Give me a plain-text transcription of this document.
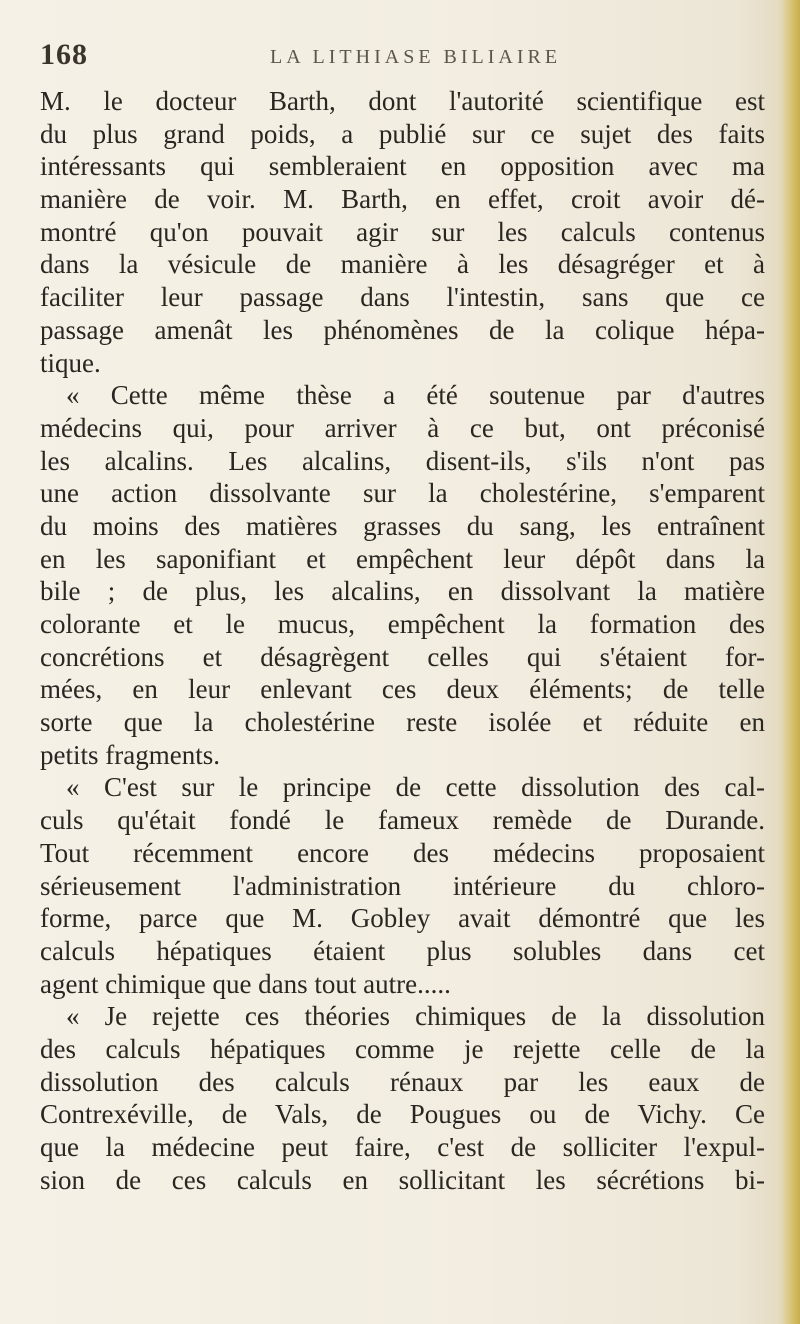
168	LA LITHIASE BILIAIRE
M. le docteur Barth, dont l'autorité scientifique est
du plus grand poids, a publié sur ce sujet des faits
intéressants qui sembleraient en opposition avec ma
manière de voir. M. Barth, en effet, croit avoir dé-
montré qu'on pouvait agir sur les calculs contenus
dans la vésicule de manière à les désagréger et à
faciliter leur passage dans l'intestin, sans que ce
passage amenât les phénomènes de la colique hépa-
tique.
« Cette même thèse a été soutenue par d'autres
médecins qui, pour arriver à ce but, ont préconisé
les alcalins. Les alcalins, disent-ils, s'ils n'ont pas
une action dissolvante sur la cholestérine, s'emparent
du moins des matières grasses du sang, les entraînent
en les saponifiant et empêchent leur dépôt dans la
bile ; de plus, les alcalins, en dissolvant la matière
colorante et le mucus, empêchent la formation des
concrétions et désagrègent celles qui s'étaient for-
mées, en leur enlevant ces deux éléments; de telle
sorte que la cholestérine reste isolée et réduite en
petits fragments.
« C'est sur le principe de cette dissolution des cal-
culs qu'était fondé le fameux remède de Durande.
Tout récemment encore des médecins proposaient
sérieusement l'administration intérieure du chloro-
forme, parce que M. Gobley avait démontré que les
calculs hépatiques étaient plus solubles dans cet
agent chimique que dans tout autre.....
« Je rejette ces théories chimiques de la dissolution
des calculs hépatiques comme je rejette celle de la
dissolution des calculs rénaux par les eaux de
Contrexéville, de Vals, de Pougues ou de Vichy. Ce
que la médecine peut faire, c'est de solliciter l'expul-
sion de ces calculs en sollicitant les sécrétions bi-
